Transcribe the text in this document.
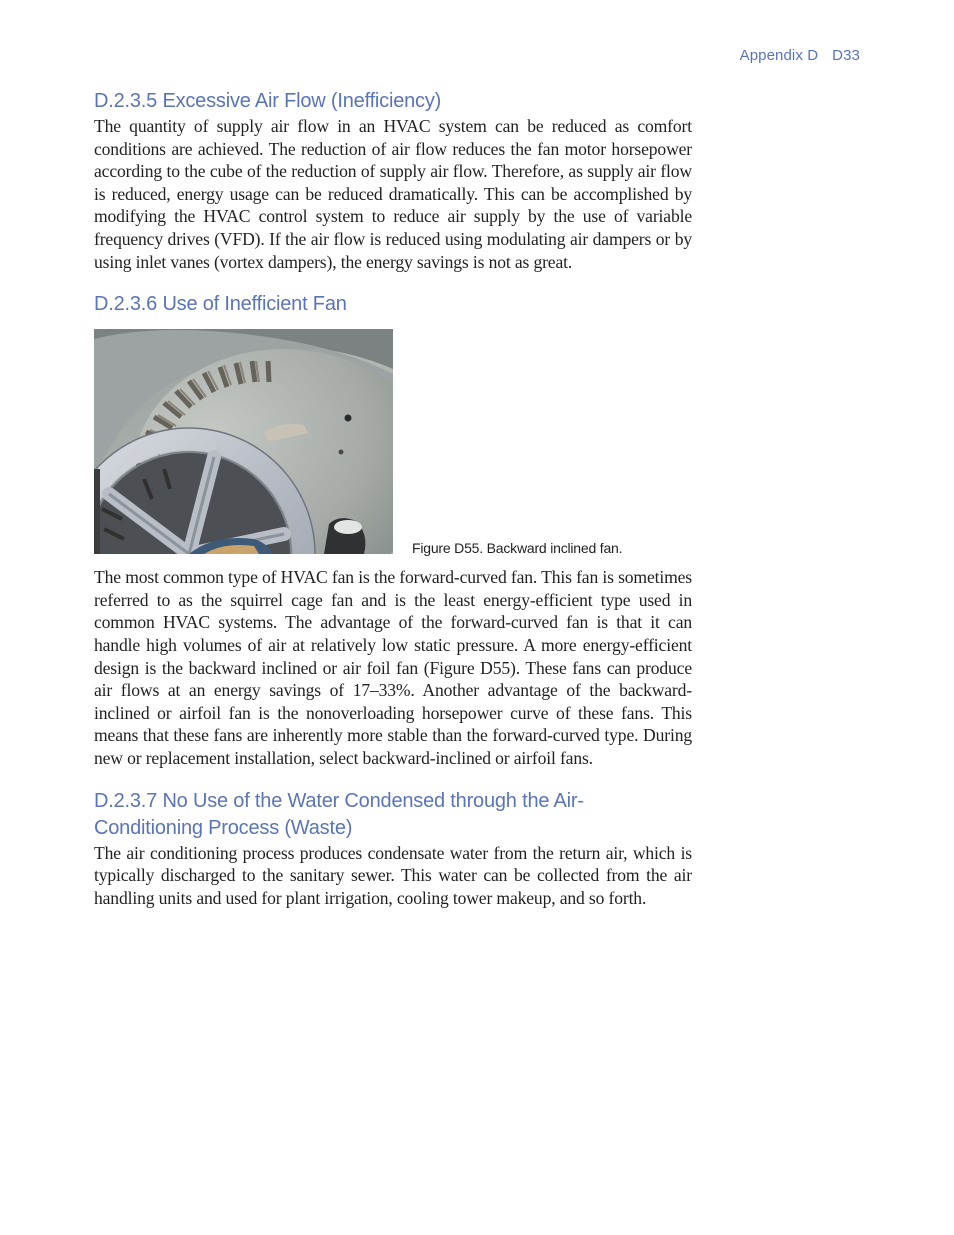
Appendix D D33
D.2.3.5 Excessive Air Flow (Inefficiency)

The quantity of supply air flow in an HVAC system can be reduced as comfort conditions are achieved. The reduction of air flow reduces the fan motor horsepower according to the cube of the reduction of supply air flow. Therefore, as supply air flow is reduced, energy usage can be reduced dramatically. This can be accomplished by modifying the HVAC control system to reduce air supply by the use of variable frequency drives (VFD). If the air flow is reduced using modulating air dampers or by using inlet vanes (vortex dampers), the energy savings is not as great.

D.2.3.6 Use of Inefficient Fan
Figure D55. Backward inclined fan.

The most common type of HVAC fan is the forward-curved fan. This fan is sometimes referred to as the squirrel cage fan and is the least energy-efficient type used in common HVAC systems. The advantage of the forward-curved fan is that it can handle high volumes of air at relatively low static pressure. A more energy-efficient design is the backward inclined or air foil fan (Figure D55). These fans can produce air flows at an energy savings of 17–33%. Another advantage of the backward-inclined or airfoil fan is the nonoverloading horsepower curve of these fans. This means that these fans are inherently more stable than the forward-curved type. During new or replacement installation, select backward-inclined or airfoil fans.

D.2.3.7 No Use of the Water Condensed through the Air-Conditioning Process (Waste)

The air conditioning process produces condensate water from the return air, which is typically discharged to the sanitary sewer. This water can be collected from the air handling units and used for plant irrigation, cooling tower makeup, and so forth.
